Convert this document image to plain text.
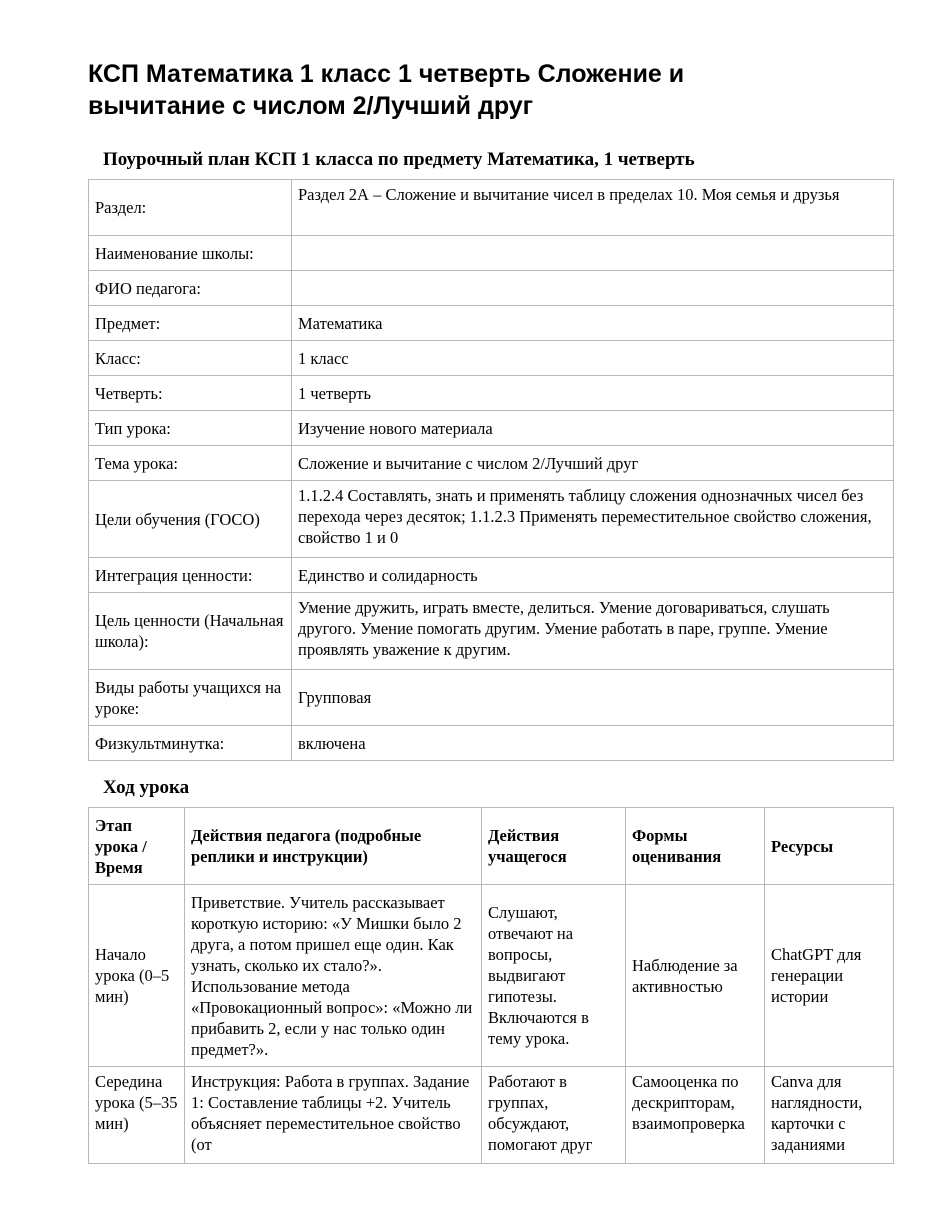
КСП Математика 1 класс 1 четверть Сложение и вычитание с числом 2/Лучший друг
Поурочный план КСП 1 класса по предмету Математика, 1 четверть
Раздел:	Раздел 2А – Сложение и вычитание чисел в пределах 10. Моя семья и друзья
Наименование школы:	
ФИО педагога:	
Предмет:	Математика
Класс:	1 класс
Четверть:	1 четверть
Тип урока:	Изучение нового материала
Тема урока:	Сложение и вычитание с числом 2/Лучший друг
Цели обучения (ГОСО)	1.1.2.4 Составлять, знать и применять таблицу сложения однозначных чисел без перехода через десяток; 1.1.2.3 Применять переместительное свойство сложения, свойство 1 и 0
Интеграция ценности:	Единство и солидарность
Цель ценности (Начальная школа):	Умение дружить, играть вместе, делиться. Умение договариваться, слушать другого. Умение помогать другим. Умение работать в паре, группе. Умение проявлять уважение к другим.
Виды работы учащихся на уроке:	Групповая
Физкультминутка:	включена
Ход урока
Этап урока / Время	Действия педагога (подробные реплики и инструкции)	Действия учащегося	Формы оценивания	Ресурсы
Начало урока (0–5 мин)	Приветствие. Учитель рассказывает короткую историю: «У Мишки было 2 друга, а потом пришел еще один. Как узнать, сколько их стало?». Использование метода «Провокационный вопрос»: «Можно ли прибавить 2, если у нас только один предмет?».	Слушают, отвечают на вопросы, выдвигают гипотезы. Включаются в тему урока.	Наблюдение за активностью	ChatGPT для генерации истории
Середина урока (5–35 мин)	Инструкция: Работа в группах. Задание 1: Составление таблицы +2. Учитель объясняет переместительное свойство (от	Работают в группах, обсуждают, помогают друг	Самооценка по дескрипторам, взаимопроверка	Canva для наглядности, карточки с заданиями
